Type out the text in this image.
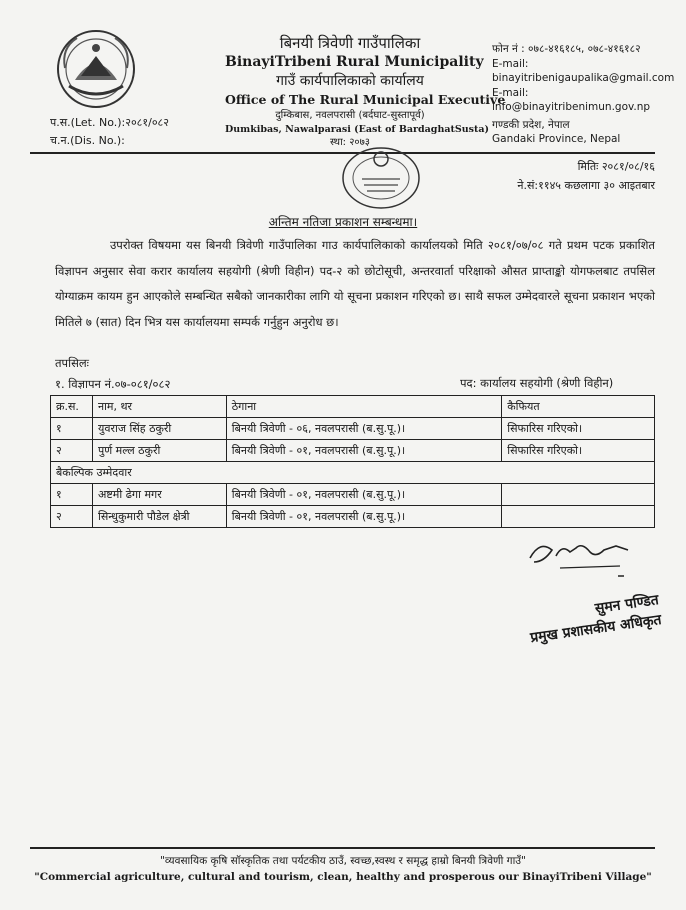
बिनयी त्रिवेणी गाउँपालिका
BinayiTribeni Rural Municipality
गाउँ कार्यपालिकाको कार्यालय
Office of The Rural Municipal Executive
दुम्किबास, नवलपरासी (बर्दघाट-सुस्तापूर्व)
Dumkibas, Nawalparasi (East of BardaghatSusta)
स्था: २०७३
फोन नं : ०७८-४१६१८५, ०७८-४१६१८२
E-mail:
binayitribenigaupalika@gmail.com
E-mail: info@binayitribenimun.gov.np
गण्डकी प्रदेश, नेपाल
Gandaki Province, Nepal
प.स.(Let. No.):२०८१/०८२
च.न.(Dis. No.):
मितिः २०८१/०८/१६
ने.सं:११४५ कछलागा ३० आइतबार
अन्तिम नतिजा प्रकाशन सम्बन्धमा।
उपरोक्त विषयमा यस बिनयी त्रिवेणी गाउँपालिका गाउ कार्यपालिकाको कार्यालयको मिति २०८१/०७/०८ गते प्रथम पटक प्रकाशित विज्ञापन अनुसार सेवा करार कार्यालय सहयोगी (श्रेणी विहीन) पद-२ को छोटोसूची, अन्तरवार्ता परिक्षाको औसत प्राप्ताङ्को योगफलबाट तपसिल योग्याक्रम कायम हुन आएकोले सम्बन्धित सबैको जानकारीका लागि यो सूचना प्रकाशन गरिएको छ। साथै सफल उम्मेदवारले सूचना प्रकाशन भएको मितिले ७ (सात) दिन भित्र यस कार्यालयमा सम्पर्क गर्नुहुन अनुरोध छ।
तपसिलः
१. विज्ञापन नं.०७-०८१/०८२	पद: कार्यालय सहयोगी (श्रेणी विहीन)
क्र.स.	नाम, थर	ठेगाना	कैफियत
१	युवराज सिंह ठकुरी	बिनयी त्रिवेणी - ०६, नवलपरासी (ब.सु.पू.)।	सिफारिस गरिएको।
२	पुर्ण मल्ल ठकुरी	बिनयी त्रिवेणी - ०१, नवलपरासी (ब.सु.पू.)।	सिफारिस गरिएको।
बैकल्पिक उम्मेदवार			
१	अष्टमी ढेगा मगर	बिनयी त्रिवेणी - ०१, नवलपरासी (ब.सु.पू.)।	
२	सिन्धुकुमारी पौडेल क्षेत्री	बिनयी त्रिवेणी - ०१, नवलपरासी (ब.सु.पू.)।	
सुमन पण्डित
प्रमुख प्रशासकीय अधिकृत
"व्यवसायिक कृषि सॉस्कृतिक तथा पर्यटकीय ठाउँ, स्वच्छ,स्वस्थ र समृद्ध हाम्रो बिनयी त्रिवेणी गाउँ"
"Commercial agriculture, cultural and tourism, clean, healthy and prosperous our BinayiTribeni Village"
